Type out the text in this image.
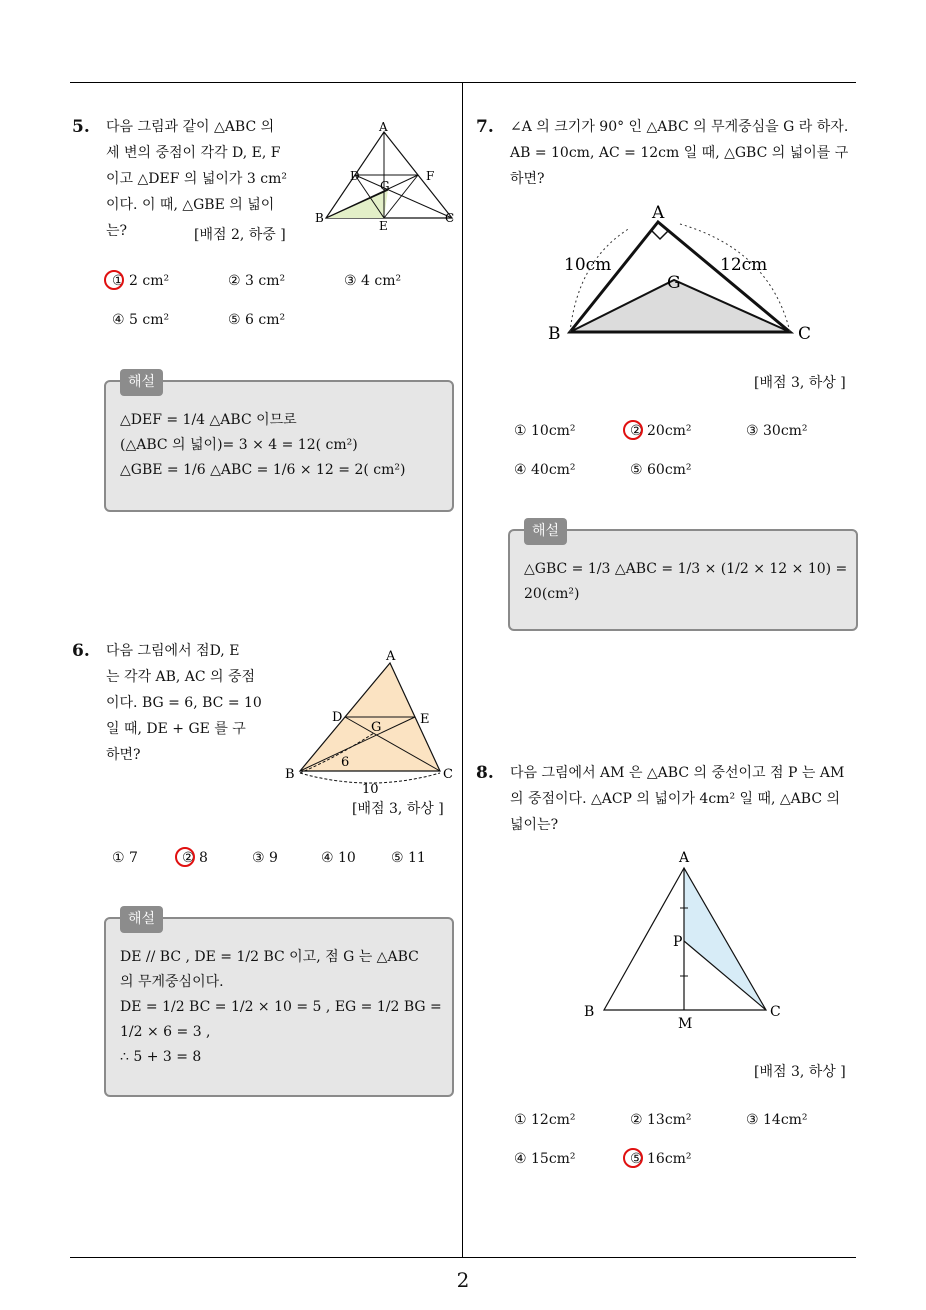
2
5. 다음 그림과 같이 △ABC 의
세 변의 중점이 각각 D, E, F
이고 △DEF 의 넓이가 3 cm²
이다. 이 때, △GBE 의 넓이
는?	[배점 2, 하중 ]
A
B	C
D
E
F
G
① 2 cm²	② 3 cm²	③ 4 cm²
④ 5 cm²	⑤ 6 cm²
해설
△DEF = 1/4 △ABC 이므로
(△ABC 의 넓이)= 3 × 4 = 12( cm²)
△GBE = 1/6 △ABC = 1/6 × 12 = 2( cm²)
6. 다음 그림에서 점D, E
는 각각 AB, AC 의 중점
이다. BG = 6, BC = 10
일 때, DE + GE 를 구
하면?
A
B	C
D	E
G
6
10
[배점 3, 하상 ]
① 7	② 8	③ 9	④ 10	⑤ 11
해설
DE // BC , DE = 1/2 BC 이고, 점 G 는 △ABC
의 무게중심이다.
DE = 1/2 BC = 1/2 × 10 = 5 , EG = 1/2 BG =
1/2 × 6 = 3 ,
∴ 5 + 3 = 8
7. ∠A 의 크기가 90° 인 △ABC 의 무게중심을 G 라 하자.
AB = 10cm, AC = 12cm 일 때, △GBC 의 넓이를 구
하면?
A
B	C
G
10cm	12cm
[배점 3, 하상 ]
① 10cm²	② 20cm²	③ 30cm²
④ 40cm²	⑤ 60cm²
해설
△GBC = 1/3 △ABC = 1/3 × (1/2 × 12 × 10) =
20(cm²)
8. 다음 그림에서 AM 은 △ABC 의 중선이고 점 P 는 AM
의 중점이다. △ACP 의 넓이가 4cm² 일 때, △ABC 의
넓이는?
A
B	C
P
M
[배점 3, 하상 ]
① 12cm²	② 13cm²	③ 14cm²
④ 15cm²	⑤ 16cm²
